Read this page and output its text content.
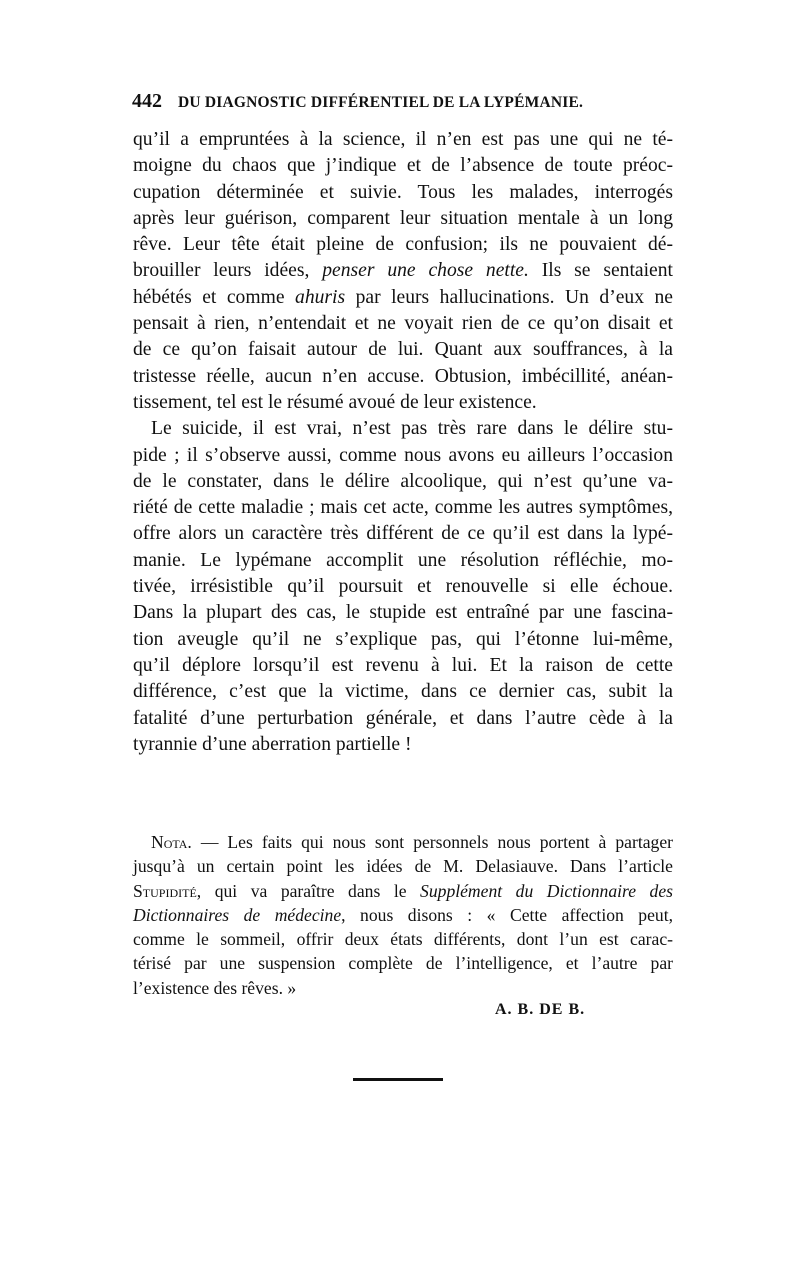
442 DU DIAGNOSTIC DIFFÉRENTIEL DE LA LYPÉMANIE.
qu’il a empruntées à la science, il n’en est pas une qui ne té-
moigne du chaos que j’indique et de l’absence de toute préoc-
cupation déterminée et suivie. Tous les malades, interrogés
après leur guérison, comparent leur situation mentale à un long
rêve. Leur tête était pleine de confusion; ils ne pouvaient dé-
brouiller leurs idées, penser une chose nette. Ils se sentaient
hébétés et comme ahuris par leurs hallucinations. Un d’eux ne
pensait à rien, n’entendait et ne voyait rien de ce qu’on disait et
de ce qu’on faisait autour de lui. Quant aux souffrances, à la
tristesse réelle, aucun n’en accuse. Obtusion, imbécillité, anéan-
tissement, tel est le résumé avoué de leur existence.
Le suicide, il est vrai, n’est pas très rare dans le délire stu-
pide ; il s’observe aussi, comme nous avons eu ailleurs l’occasion
de le constater, dans le délire alcoolique, qui n’est qu’une va-
riété de cette maladie ; mais cet acte, comme les autres symptômes,
offre alors un caractère très différent de ce qu’il est dans la lypé-
manie. Le lypémane accomplit une résolution réfléchie, mo-
tivée, irrésistible qu’il poursuit et renouvelle si elle échoue.
Dans la plupart des cas, le stupide est entraîné par une fascina-
tion aveugle qu’il ne s’explique pas, qui l’étonne lui-même,
qu’il déplore lorsqu’il est revenu à lui. Et la raison de cette
différence, c’est que la victime, dans ce dernier cas, subit la
fatalité d’une perturbation générale, et dans l’autre cède à la
tyrannie d’une aberration partielle !
Nota. — Les faits qui nous sont personnels nous portent à partager
jusqu’à un certain point les idées de M. Delasiauve. Dans l’article
Stupidité, qui va paraître dans le Supplément du Dictionnaire des
Dictionnaires de médecine, nous disons : « Cette affection peut,
comme le sommeil, offrir deux états différents, dont l’un est carac-
térisé par une suspension complète de l’intelligence, et l’autre par
l’existence des rêves. »
A. B. DE B.
